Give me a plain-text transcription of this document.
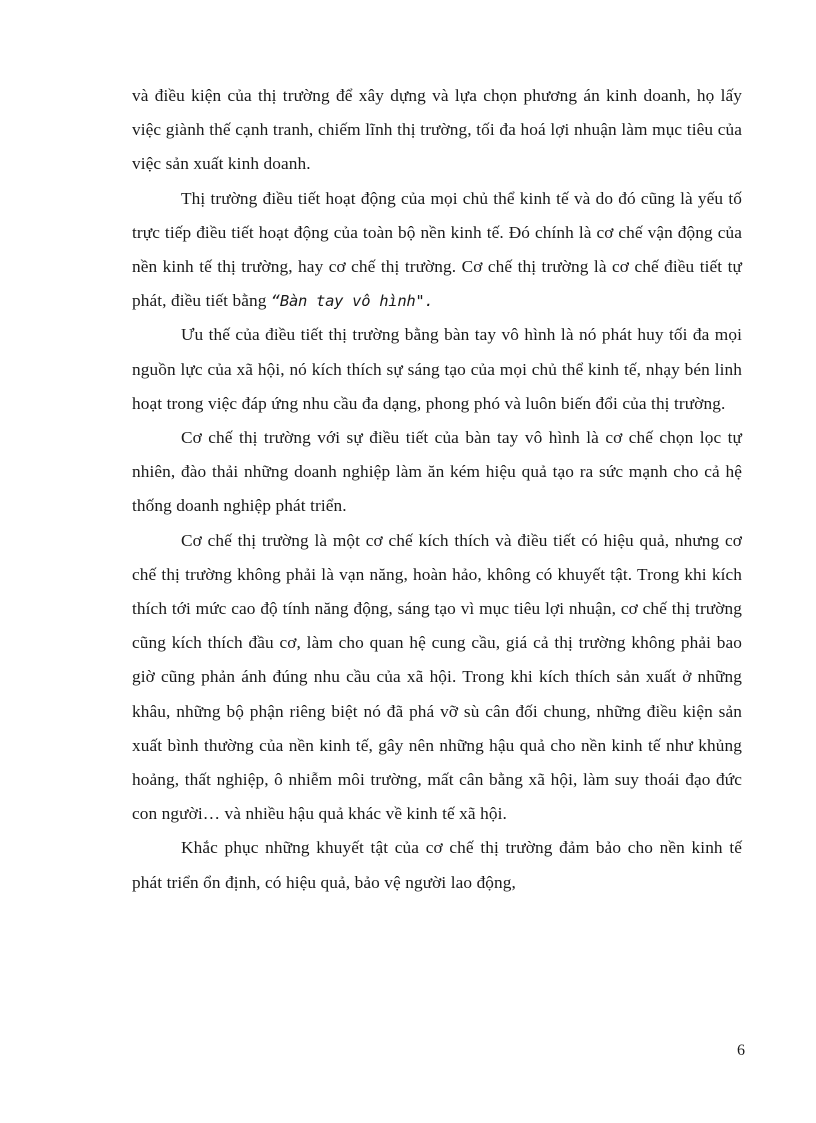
và điều kiện của thị trường để xây dựng và lựa chọn phương án kinh doanh, họ lấy việc giành thế cạnh tranh, chiếm lĩnh thị trường, tối đa hoá lợi nhuận làm mục tiêu của việc sản xuất kinh doanh.

Thị trường điều tiết hoạt động của mọi chủ thể kinh tế và do đó cũng là yếu tố trực tiếp điều tiết hoạt động của toàn bộ nền kinh tế. Đó chính là cơ chế vận động của nền kinh tế thị trường, hay cơ chế thị trường. Cơ chế thị trường là cơ chế điều tiết tự phát, điều tiết bằng “Bàn tay vô hình".

Ưu thế của điều tiết thị trường bằng bàn tay vô hình là nó phát huy tối đa mọi nguồn lực của xã hội, nó kích thích sự sáng tạo của mọi chủ thể kinh tế, nhạy bén linh hoạt trong việc đáp ứng nhu cầu đa dạng, phong phó và luôn biến đổi của thị trường.

Cơ chế thị trường với sự điều tiết của bàn tay vô hình là cơ chế chọn lọc tự nhiên, đào thải những doanh nghiệp làm ăn kém hiệu quả tạo ra sức mạnh cho cả hệ thống doanh nghiệp phát triển.

Cơ chế thị trường là một cơ chế kích thích và điều tiết có hiệu quả, nhưng cơ chế thị trường không phải là vạn năng, hoàn hảo, không có khuyết tật. Trong khi kích thích tới mức cao độ tính năng động, sáng tạo vì mục tiêu lợi nhuận, cơ chế thị trường cũng kích thích đầu cơ, làm cho quan hệ cung cầu, giá cả thị trường không phải bao giờ cũng phản ánh đúng nhu cầu của xã hội. Trong khi kích thích sản xuất ở những khâu, những bộ phận riêng biệt nó đã phá vỡ sù cân đối chung, những điều kiện sản xuất bình thường của nền kinh tế, gây nên những hậu quả cho nền kinh tế như khủng hoảng, thất nghiệp, ô nhiễm môi trường, mất cân bằng xã hội, làm suy thoái đạo đức con người… và nhiều hậu quả khác về kinh tế xã hội.

Khắc phục những khuyết tật của cơ chế thị trường đảm bảo cho nền kinh tế phát triển ổn định, có hiệu quả, bảo vệ người lao động,

6
